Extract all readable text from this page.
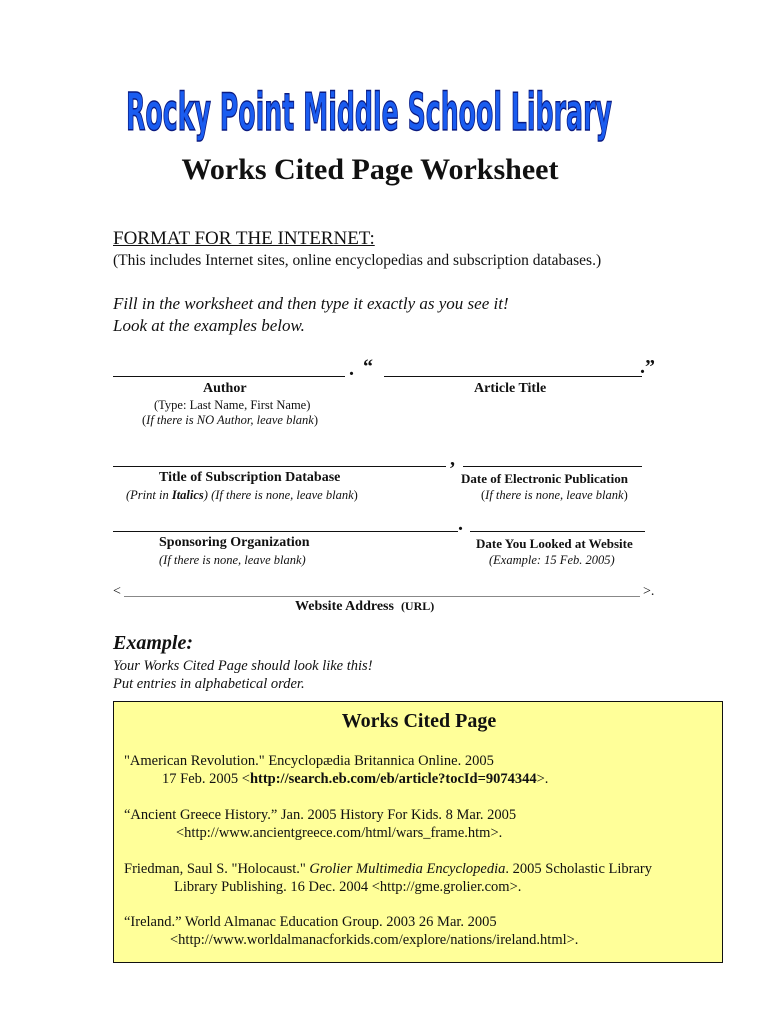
Rocky Point Middle School Library
Works Cited Page Worksheet
FORMAT FOR THE INTERNET:
(This includes Internet sites, online encyclopedias and subscription databases.)
Fill in the worksheet and then type it exactly as you see it!
Look at the examples below.
. “	.”
Author	Article Title
(Type: Last Name, First Name)
(If there is NO Author, leave blank)
,
Title of Subscription Database	Date of Electronic Publication
(Print in Italics) (If there is none, leave blank)	(If there is none, leave blank)
.
Sponsoring Organization	Date You Looked at Website
(If there is none, leave blank)	(Example: 15 Feb. 2005)
<	>.
Website Address (URL)
Example:
Your Works Cited Page should look like this!
Put entries in alphabetical order.
Works Cited Page
"American Revolution." Encyclopædia Britannica Online. 2005
17 Feb. 2005 <http://search.eb.com/eb/article?tocId=9074344>.
“Ancient Greece History.” Jan. 2005 History For Kids. 8 Mar. 2005
<http://www.ancientgreece.com/html/wars_frame.htm>.
Friedman, Saul S. "Holocaust." Grolier Multimedia Encyclopedia. 2005 Scholastic Library
Library Publishing. 16 Dec. 2004 <http://gme.grolier.com>.
“Ireland.” World Almanac Education Group. 2003 26 Mar. 2005
<http://www.worldalmanacforkids.com/explore/nations/ireland.html>.
